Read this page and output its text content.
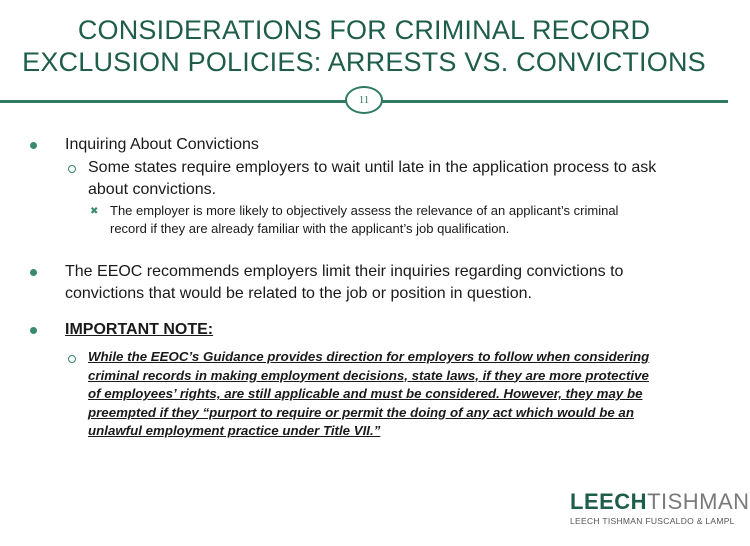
CONSIDERATIONS FOR CRIMINAL RECORD
EXCLUSION POLICIES: ARRESTS VS. CONVICTIONS
11
Inquiring About Convictions
Some states require employers to wait until late in the application process to ask
about convictions.
✖ The employer is more likely to objectively assess the relevance of an applicant’s criminal
record if they are already familiar with the applicant’s job qualification.
The EEOC recommends employers limit their inquiries regarding convictions to
convictions that would be related to the job or position in question.
IMPORTANT NOTE:
While the EEOC’s Guidance provides direction for employers to follow when considering
criminal records in making employment decisions, state laws, if they are more protective
of employees’ rights, are still applicable and must be considered. However, they may be
preempted if they “purport to require or permit the doing of any act which would be an
unlawful employment practice under Title VII.”
LEECHTISHMAN
LEECH TISHMAN FUSCALDO & LAMPL
